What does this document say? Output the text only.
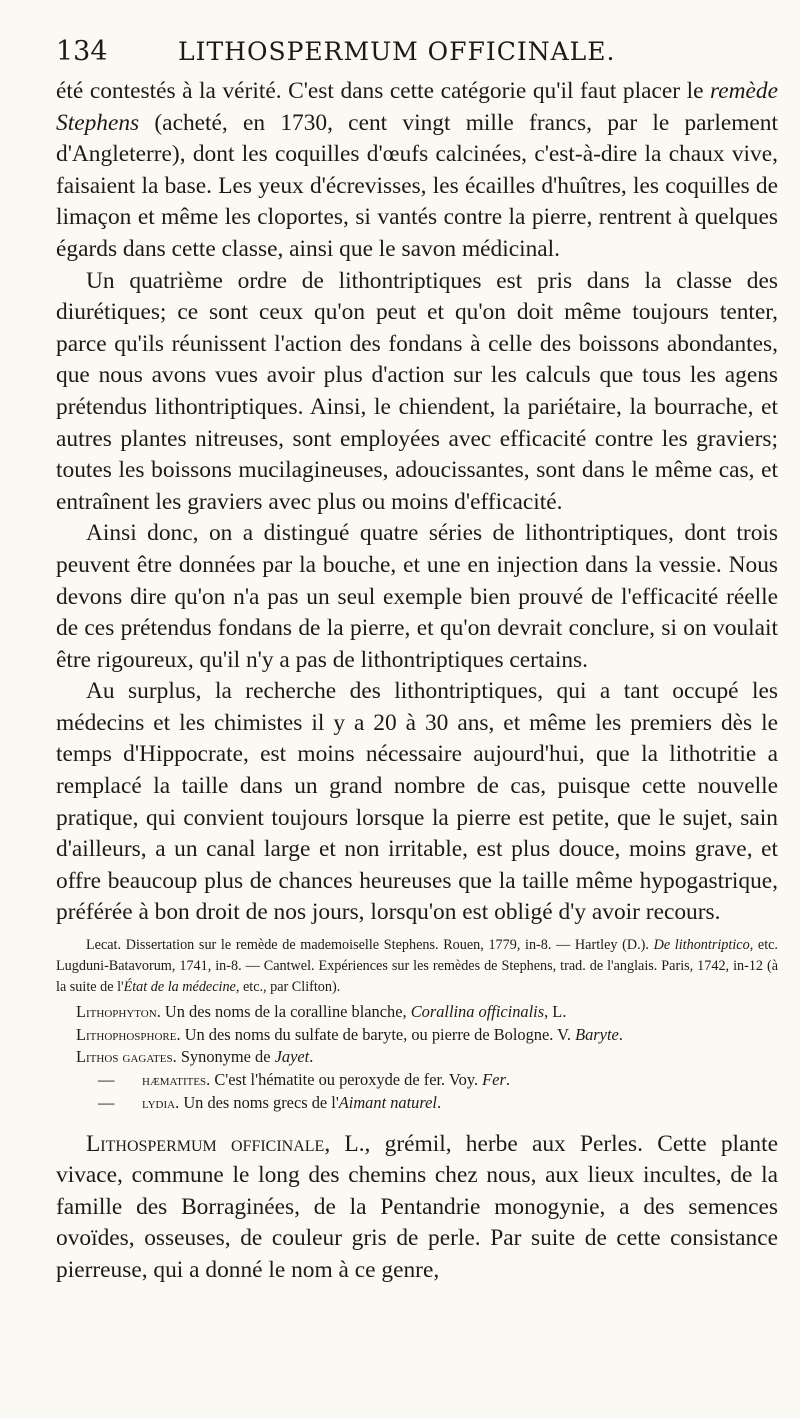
134	LITHOSPERMUM OFFICINALE.

été contestés à la vérité. C'est dans cette catégorie qu'il faut placer le remède Stephens (acheté, en 1730, cent vingt mille francs, par le parlement d'Angleterre), dont les coquilles d'œufs calcinées, c'est-à-dire la chaux vive, faisaient la base. Les yeux d'écrevisses, les écailles d'huîtres, les coquilles de limaçon et même les cloportes, si vantés contre la pierre, rentrent à quelques égards dans cette classe, ainsi que le savon médicinal.

Un quatrième ordre de lithontriptiques est pris dans la classe des diurétiques; ce sont ceux qu'on peut et qu'on doit même toujours tenter, parce qu'ils réunissent l'action des fondans à celle des boissons abondantes, que nous avons vues avoir plus d'action sur les calculs que tous les agens prétendus lithontriptiques. Ainsi, le chiendent, la pariétaire, la bourrache, et autres plantes nitreuses, sont employées avec efficacité contre les graviers; toutes les boissons mucilagineuses, adoucissantes, sont dans le même cas, et entraînent les graviers avec plus ou moins d'efficacité.

Ainsi donc, on a distingué quatre séries de lithontriptiques, dont trois peuvent être données par la bouche, et une en injection dans la vessie. Nous devons dire qu'on n'a pas un seul exemple bien prouvé de l'efficacité réelle de ces prétendus fondans de la pierre, et qu'on devrait conclure, si on voulait être rigoureux, qu'il n'y a pas de lithontriptiques certains.

Au surplus, la recherche des lithontriptiques, qui a tant occupé les médecins et les chimistes il y a 20 à 30 ans, et même les premiers dès le temps d'Hippocrate, est moins nécessaire aujourd'hui, que la lithotritie a remplacé la taille dans un grand nombre de cas, puisque cette nouvelle pratique, qui convient toujours lorsque la pierre est petite, que le sujet, sain d'ailleurs, a un canal large et non irritable, est plus douce, moins grave, et offre beaucoup plus de chances heureuses que la taille même hypogastrique, préférée à bon droit de nos jours, lorsqu'on est obligé d'y avoir recours.

Lecat. Dissertation sur le remède de mademoiselle Stephens. Rouen, 1779, in-8. — Hartley (D.). De lithontriptico, etc. Lugduni-Batavorum, 1741, in-8. — Cantwel. Expériences sur les remèdes de Stephens, trad. de l'anglais. Paris, 1742, in-12 (à la suite de l'État de la médecine, etc., par Clifton).

Lithophyton. Un des noms de la coralline blanche, Corallina officinalis, L.
Lithophosphore. Un des noms du sulfate de baryte, ou pierre de Bologne. V. Baryte.
Lithos gagates. Synonyme de Jayet.
— hæmatites. C'est l'hématite ou peroxyde de fer. Voy. Fer.
— lydia. Un des noms grecs de l'Aimant naturel.

Lithospermum officinale, L., grémil, herbe aux Perles. Cette plante vivace, commune le long des chemins chez nous, aux lieux incultes, de la famille des Borraginées, de la Pentandrie monogynie, a des semences ovoïdes, osseuses, de couleur gris de perle. Par suite de cette consistance pierreuse, qui a donné le nom à ce genre,
